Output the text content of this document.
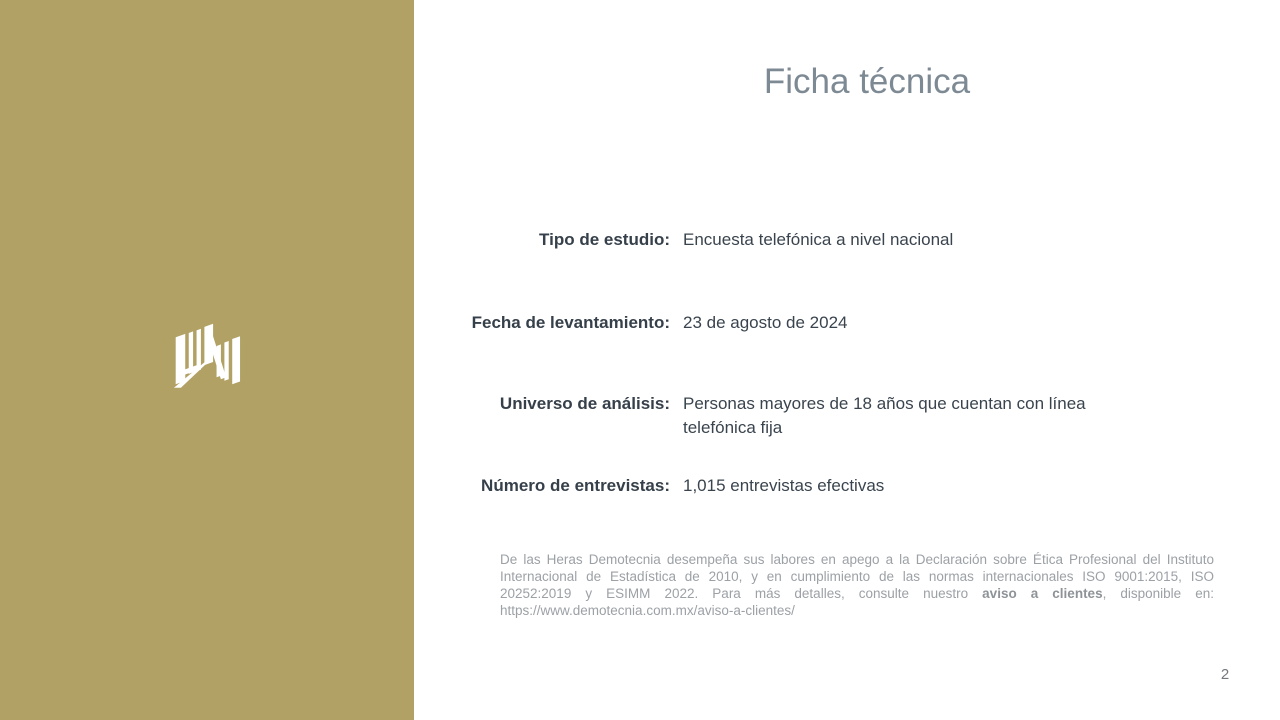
Ficha técnica
Tipo de estudio: Encuesta telefónica a nivel nacional
Fecha de levantamiento: 23 de agosto de 2024
Universo de análisis: Personas mayores de 18 años que cuentan con línea telefónica fija
Número de entrevistas: 1,015 entrevistas efectivas
De las Heras Demotecnia desempeña sus labores en apego a la Declaración sobre Ética Profesional del Instituto Internacional de Estadística de 2010, y en cumplimiento de las normas internacionales ISO 9001:2015, ISO 20252:2019 y ESIMM 2022. Para más detalles, consulte nuestro aviso a clientes, disponible en: https://www.demotecnia.com.mx/aviso-a-clientes/
2
